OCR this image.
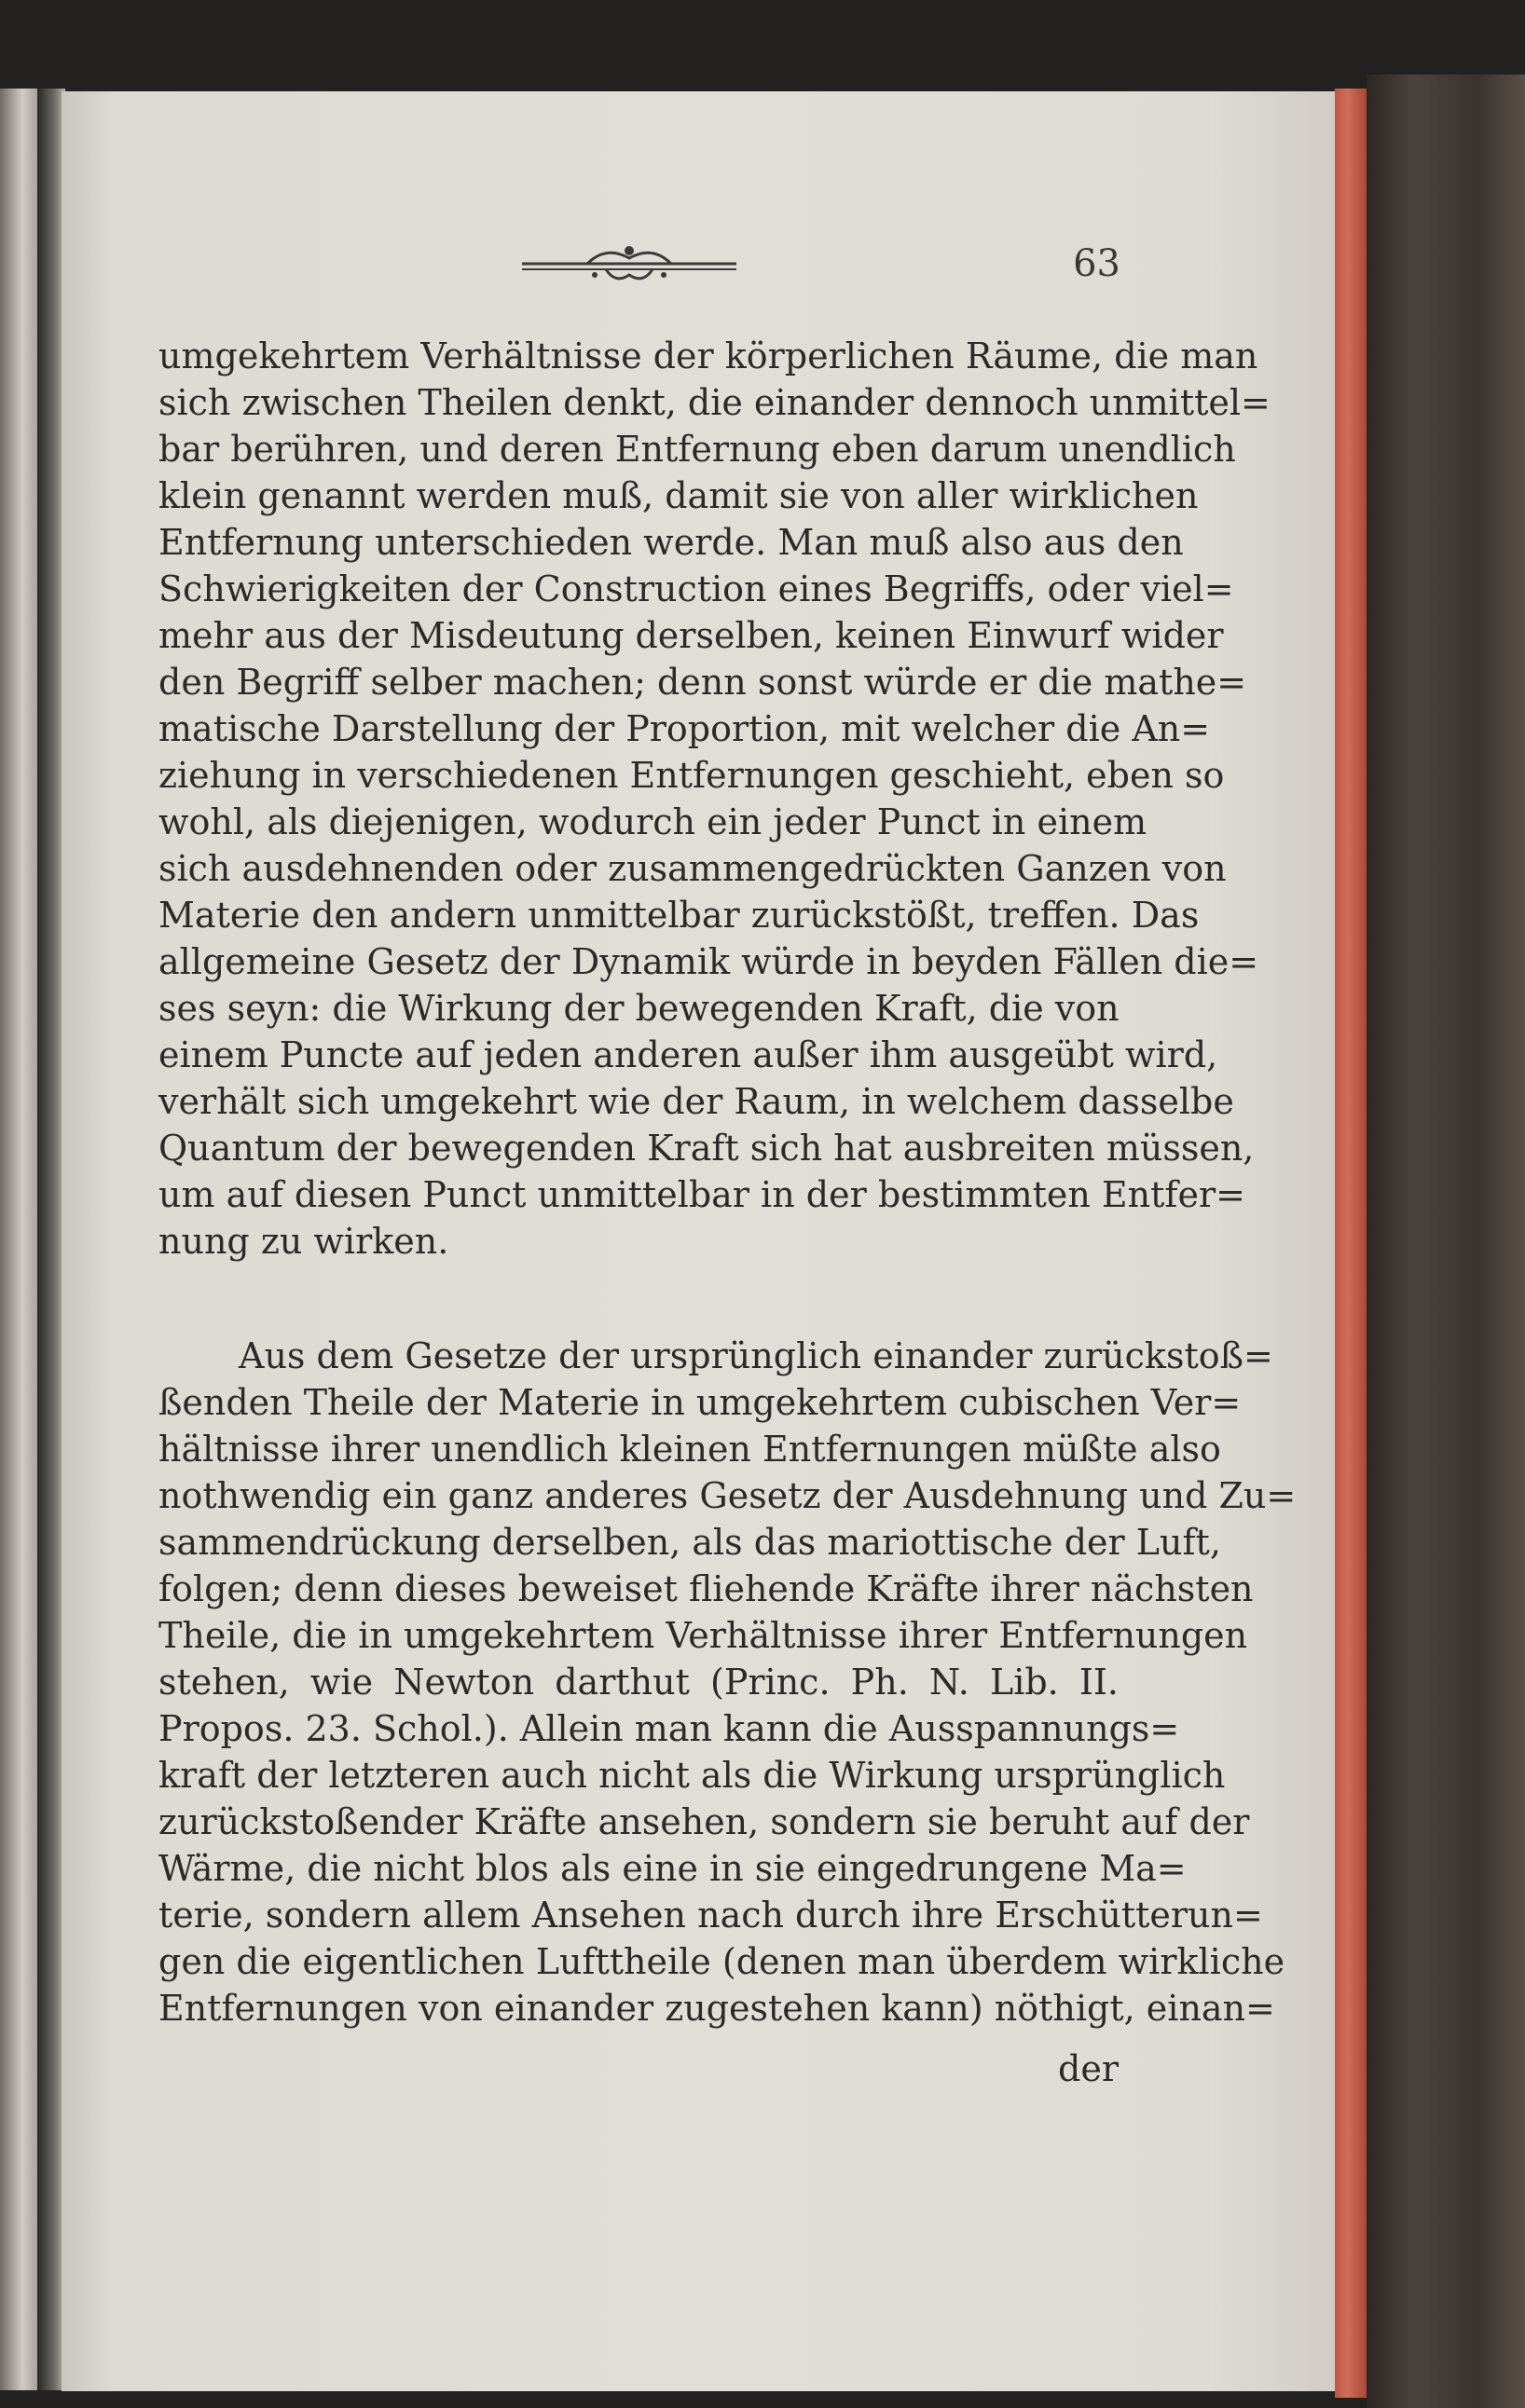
63
umgekehrtem Verhältnisse der körperlichen Räume, die man
sich zwischen Theilen denkt, die einander dennoch unmittel=
bar berühren, und deren Entfernung eben darum unendlich
klein genannt werden muß, damit sie von aller wirklichen
Entfernung unterschieden werde. Man muß also aus den
Schwierigkeiten der Construction eines Begriffs, oder viel=
mehr aus der Misdeutung derselben, keinen Einwurf wider
den Begriff selber machen; denn sonst würde er die mathe=
matische Darstellung der Proportion, mit welcher die An=
ziehung in verschiedenen Entfernungen geschieht, eben so
wohl, als diejenigen, wodurch ein jeder Punct in einem
sich ausdehnenden oder zusammengedrückten Ganzen von
Materie den andern unmittelbar zurückstößt, treffen. Das
allgemeine Gesetz der Dynamik würde in beyden Fällen die=
ses seyn: die Wirkung der bewegenden Kraft, die von
einem Puncte auf jeden anderen außer ihm ausgeübt wird,
verhält sich umgekehrt wie der Raum, in welchem dasselbe
Quantum der bewegenden Kraft sich hat ausbreiten müssen,
um auf diesen Punct unmittelbar in der bestimmten Entfer=
nung zu wirken.
Aus dem Gesetze der ursprünglich einander zurückstoß=
ßenden Theile der Materie in umgekehrtem cubischen Ver=
hältnisse ihrer unendlich kleinen Entfernungen müßte also
nothwendig ein ganz anderes Gesetz der Ausdehnung und Zu=
sammendrückung derselben, als das mariottische der Luft,
folgen; denn dieses beweiset fliehende Kräfte ihrer nächsten
Theile, die in umgekehrtem Verhältnisse ihrer Entfernungen
stehen, wie Newton darthut (Princ. Ph. N. Lib. II.
Propos. 23. Schol.). Allein man kann die Ausspannungs=
kraft der letzteren auch nicht als die Wirkung ursprünglich
zurückstoßender Kräfte ansehen, sondern sie beruht auf der
Wärme, die nicht blos als eine in sie eingedrungene Ma=
terie, sondern allem Ansehen nach durch ihre Erschütterun=
gen die eigentlichen Lufttheile (denen man überdem wirkliche
Entfernungen von einander zugestehen kann) nöthigt, einan=
der
